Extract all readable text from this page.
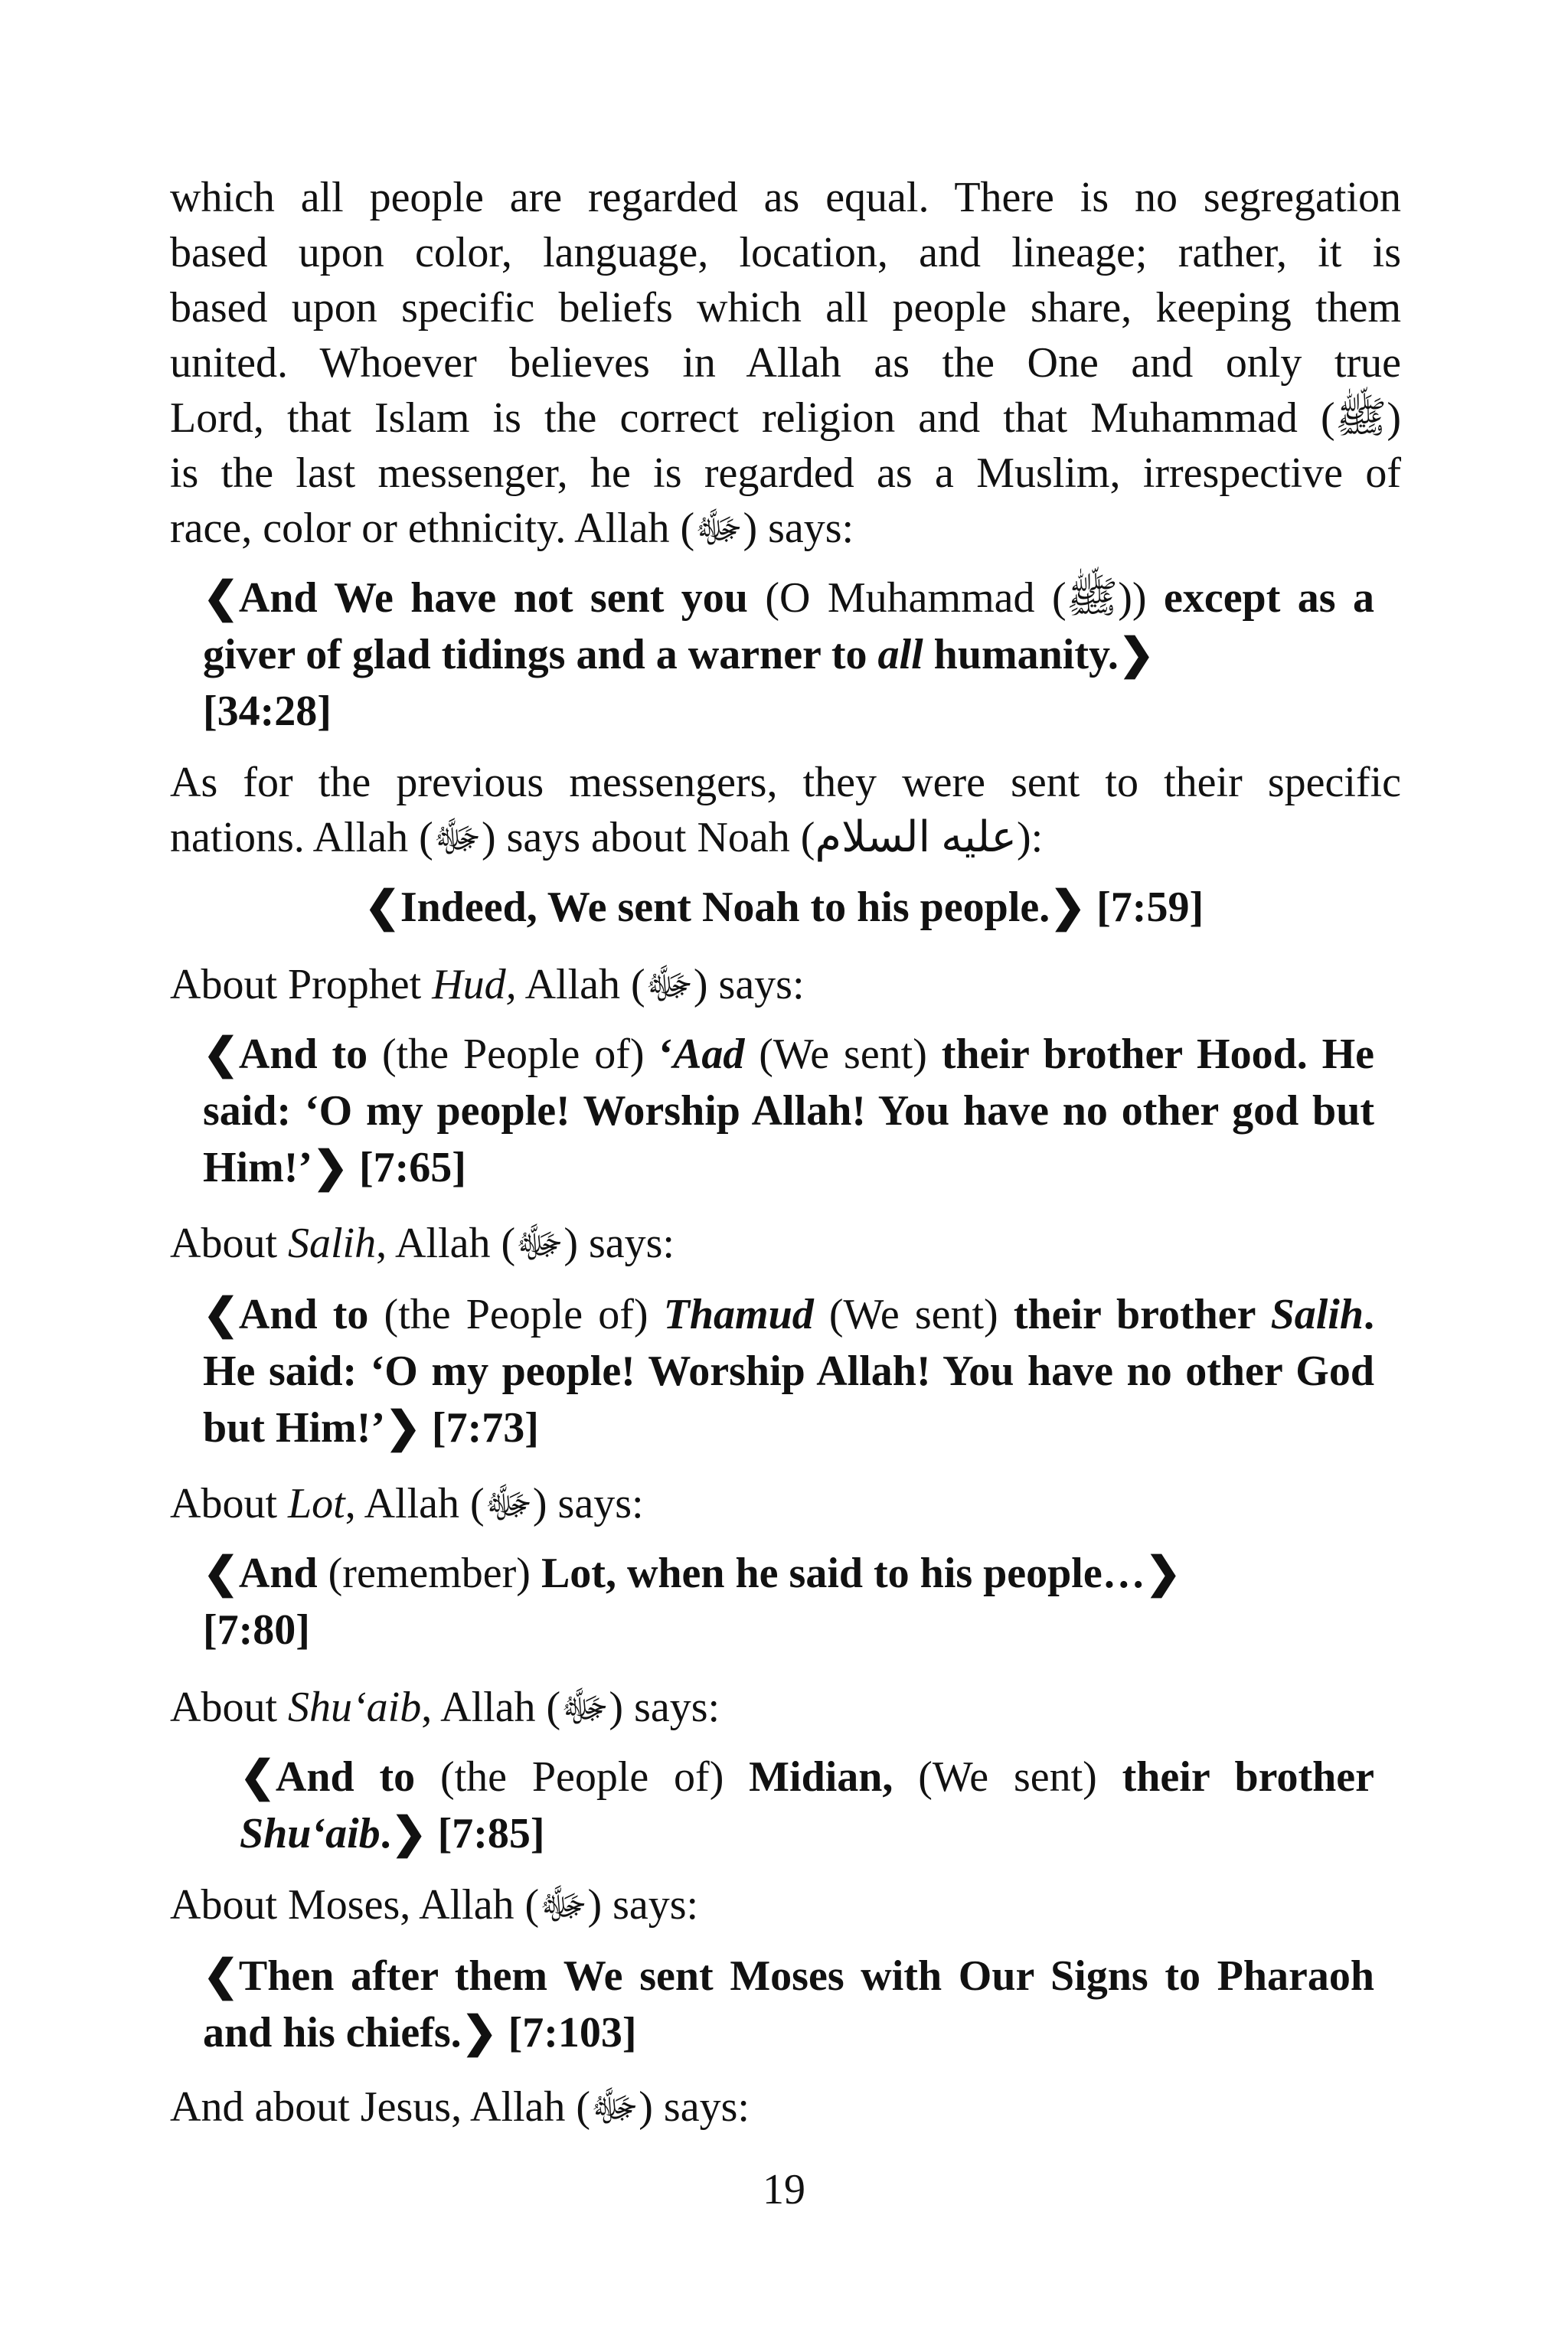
which all people are regarded as equal. There is no segregation

based upon color, language, location, and lineage; rather, it is

based upon specific beliefs which all people share, keeping them

united. Whoever believes in Allah as the One and only true

Lord, that Islam is the correct religion and that Muhammad (ﷺ)

is the last messenger, he is regarded as a Muslim, irrespective of

race, color or ethnicity. Allah (ﷻ) says:

❮And We have not sent you (O Muhammad (ﷺ)) except as a giver of glad tidings and a warner to all humanity.❯
[34:28]

As for the previous messengers, they were sent to their specific

nations. Allah (ﷻ) says about Noah (عليه السلام):

❮Indeed, We sent Noah to his people.❯ [7:59]

About Prophet Hud, Allah (ﷻ) says:

❮And to (the People of) ‘Aad (We sent) their brother Hood. He said: ‘O my people! Worship Allah! You have no other god but Him!’❯ [7:65]

About Salih, Allah (ﷻ) says:

❮And to (the People of) Thamud (We sent) their brother Salih. He said: ‘O my people! Worship Allah! You have no other God but Him!’❯ [7:73]

About Lot, Allah (ﷻ) says:

❮And (remember) Lot, when he said to his people…❯
[7:80]

About Shu‘aib, Allah (ﷻ) says:

❮And to (the People of) Midian, (We sent) their brother Shu‘aib.❯ [7:85]

About Moses, Allah (ﷻ) says:

❮Then after them We sent Moses with Our Signs to Pharaoh and his chiefs.❯ [7:103]

And about Jesus, Allah (ﷻ) says:

19
